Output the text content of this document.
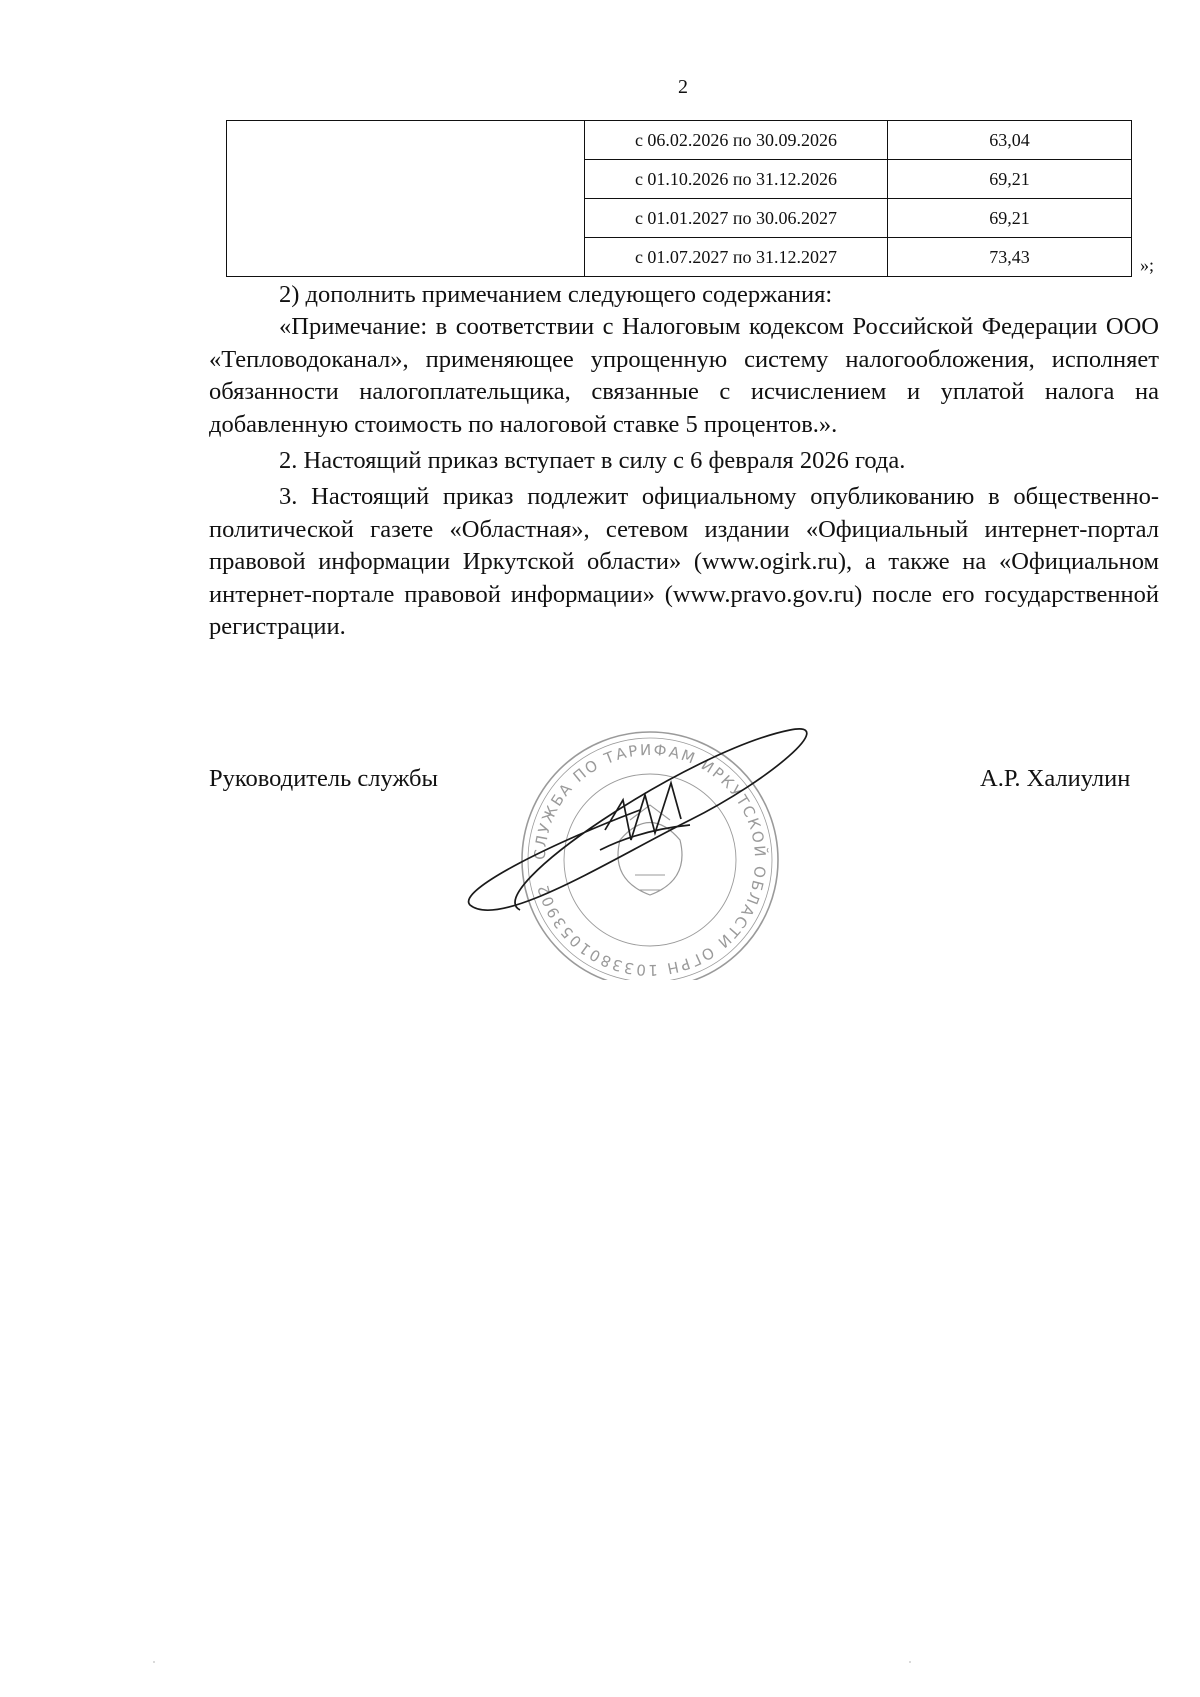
2
	с 06.02.2026 по 30.09.2026	63,04
	с 01.10.2026 по 31.12.2026	69,21
	с 01.01.2027 по 30.06.2027	69,21
	с 01.07.2027 по 31.12.2027	73,43	»;

2) дополнить примечанием следующего содержания:

«Примечание: в соответствии с Налоговым кодексом Российской Федерации ООО «Тепловодоканал», применяющее упрощенную систему налогообложения, исполняет обязанности налогоплательщика, связанные с исчислением и уплатой налога на добавленную стоимость по налоговой ставке 5 процентов.».

2. Настоящий приказ вступает в силу с 6 февраля 2026 года.

3. Настоящий приказ подлежит официальному опубликованию в общественно-политической газете «Областная», сетевом издании «Официальный интернет-портал правовой информации Иркутской области» (www.ogirk.ru), а также на «Официальном интернет-портале правовой информации» (www.pravo.gov.ru) после его государственной регистрации.

Руководитель службы	А.Р. Халиулин
СЛУЖБА ПО ТАРИФАМ ИРКУТСКОЙ ОБЛАСТИ ОГРН 1033801053902
